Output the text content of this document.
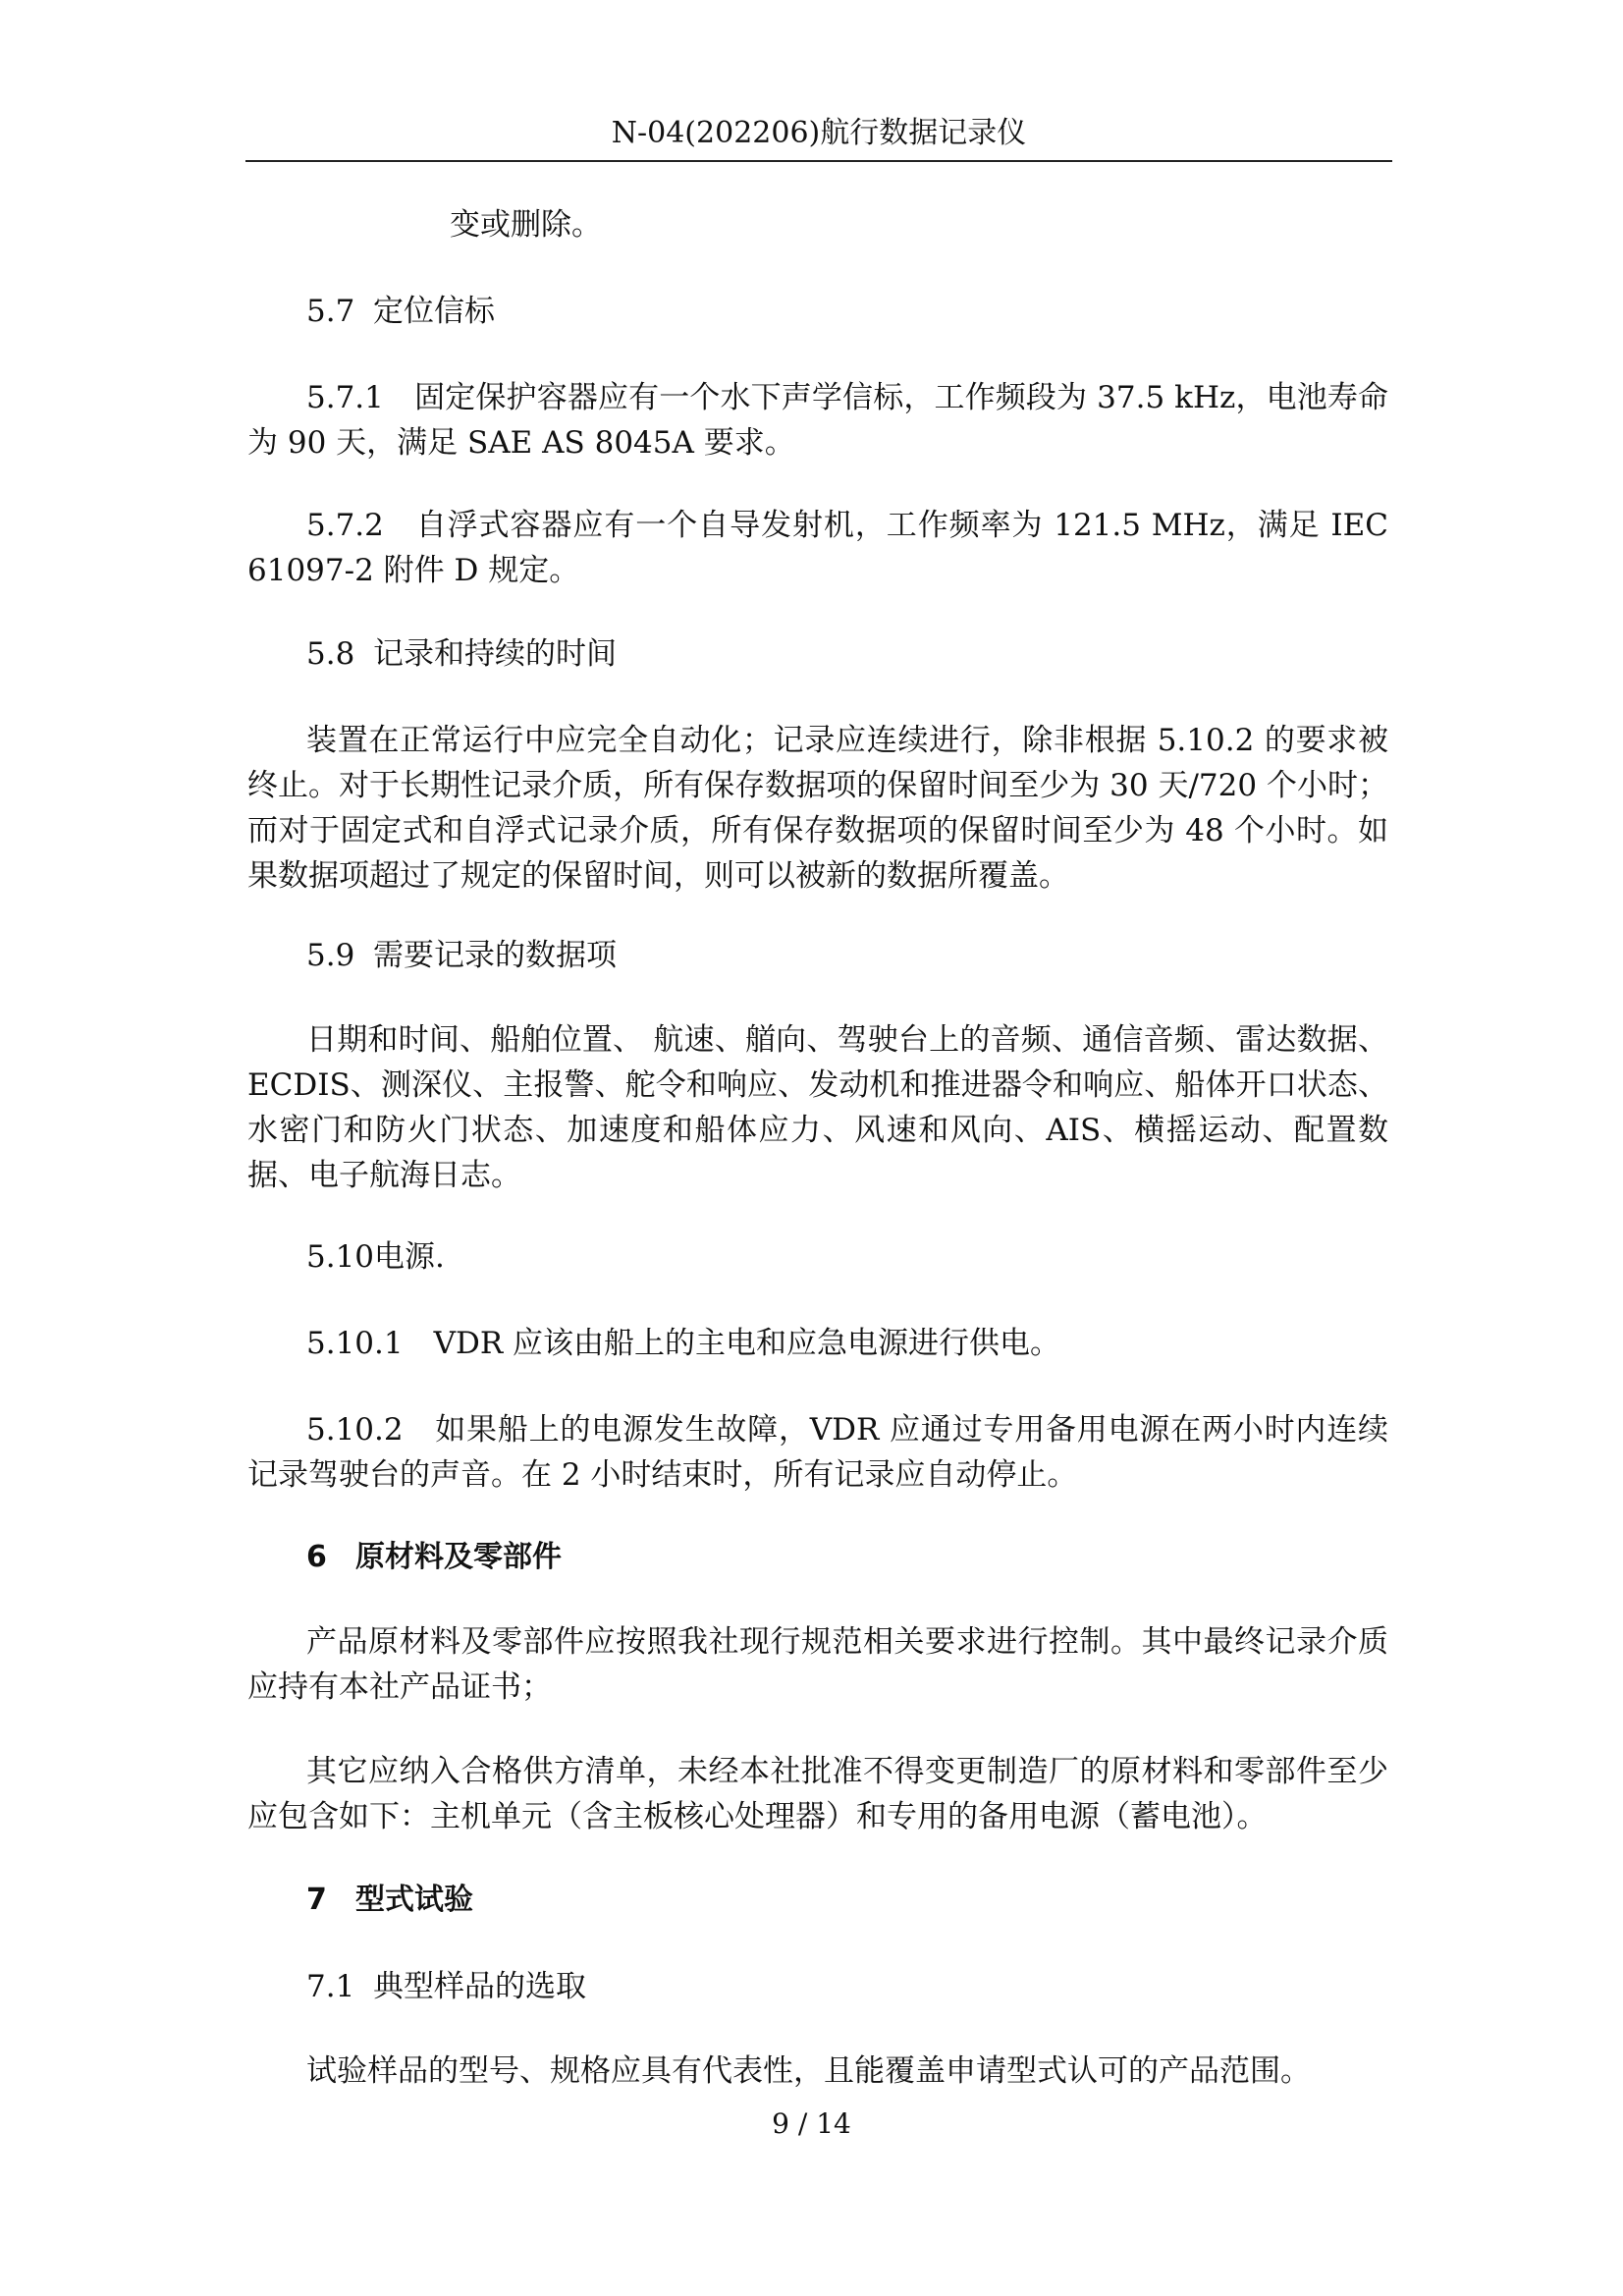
N-04(202206)航行数据记录仪

变或删除。

5.7 定位信标

5.7.1　固定保护容器应有一个水下声学信标，工作频段为 37.5 kHz，电池寿命为 90 天，满足 SAE AS 8045A 要求。

5.7.2　自浮式容器应有一个自导发射机，工作频率为 121.5 MHz，满足 IEC 61097-2 附件 D 规定。

5.8 记录和持续的时间

装置在正常运行中应完全自动化；记录应连续进行，除非根据 5.10.2 的要求被终止。对于长期性记录介质，所有保存数据项的保留时间至少为 30 天/720 个小时；而对于固定式和自浮式记录介质，所有保存数据项的保留时间至少为 48 个小时。如果数据项超过了规定的保留时间，则可以被新的数据所覆盖。

5.9 需要记录的数据项

日期和时间、船舶位置、 航速、艏向、驾驶台上的音频、通信音频、雷达数据、ECDIS、测深仪、主报警、舵令和响应、发动机和推进器令和响应、船体开口状态、水密门和防火门状态、加速度和船体应力、风速和风向、AIS、横摇运动、配置数据、电子航海日志。

5.10电源.

5.10.1　VDR 应该由船上的主电和应急电源进行供电。

5.10.2　如果船上的电源发生故障，VDR 应通过专用备用电源在两小时内连续记录驾驶台的声音。在 2 小时结束时，所有记录应自动停止。

6 原材料及零部件

产品原材料及零部件应按照我社现行规范相关要求进行控制。其中最终记录介质应持有本社产品证书；

其它应纳入合格供方清单，未经本社批准不得变更制造厂的原材料和零部件至少应包含如下：主机单元（含主板核心处理器）和专用的备用电源（蓄电池）。

7 型式试验
7.1 典型样品的选取

试验样品的型号、规格应具有代表性，且能覆盖申请型式认可的产品范围。

9 / 14
